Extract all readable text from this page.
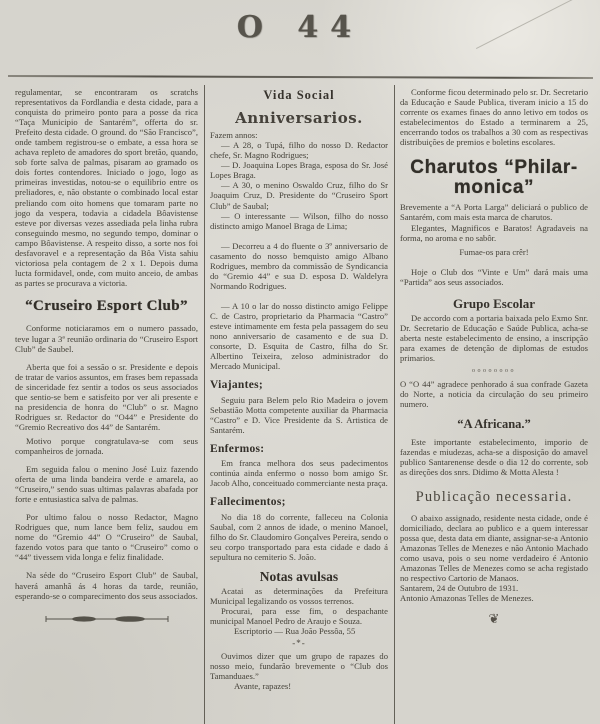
O 44

regulamentar, se encontraram os scratchs representativos da Fordlandia e desta cidade, para a conquista do primeiro ponto para a posse da rica “Taça Municipio de Santarém”, offerta do sr. Prefeito desta cidade. O ground. do “São Francisco”, onde tambem registrou-se o embate, a essa hora se achava repleto de amadores do sport bretão, quando, sob forte salva de palmas, pisaram ao gramado os dois fortes contendores. Iniciado o jogo, logo as primeiras investidas, notou-se o equilibrio entre os preliadores, e, não obstante o combinado local estar preliando com oito homens que tomaram parte no jogo da vespera, todavia a cidadela Bôavistense esteve por diversas vezes assediada pela linha rubra conseguindo mesmo, no segundo tempo, dominar o campo Bôavistense. A respeito disso, a sorte nos foi desfavoravel e a representação da Bôa Vista sahiu victoriosa pela contagem de 2 x 1. Depois duma lucta formidavel, onde, com muito anceio, de ambas as partes se procurava a victoria.

“Cruseiro Esport Club”

Conforme noticiaramos em o numero passado, teve lugar a 3ª reunião ordinaria do “Cruseiro Esport Club” de Saubel.

Aberta que foi a sessão o sr. Presidente e depois de tratar de varios assuntos, em frases bem repassada de sinceridade fez sentir a todos os seus associados que sentio-se bem e satisfeito por ver ali presente e na presidencia de honra do “Club” o sr. Magno Rodrigues sr. Redactor do “O44” e Presidente do “Gremio Recreativo dos 44” de Santarém.

Motivo porque congratulava-se com seus companheiros de jornada.

Em seguida falou o menino José Luiz fazendo oferta de uma linda bandeira verde e amarela, ao “Cruseiro,” sendo suas ultimas palavras abafada por forte e entusiastica salva de palmas.

Por ultimo falou o nosso Redactor, Magno Rodrigues que, num lance bem feliz, saudou em nome do “Gremio 44” O “Cruseiro” de Saubal, fazendo votos para que tanto o “Cruseiro” como o “44” tivessem vida longa e feliz finalidade.

Na séde do “Cruseiro Esport Club” de Saubal, haverá amanhã ás 4 horas da tarde, reunião, esperando-se o comparecimento dos seus associados.

Vida Social
Anniversarios.

Fazem annos:

— A 28, o Tupá, filho do nosso D. Redactor chefe, Sr. Magno Rodrigues;

— D. Joaquina Lopes Braga, esposa do Sr. José Lopes Braga.

— A 30, o menino Oswaldo Cruz, filho do Sr Joaquim Cruz, D. Presidente do “Cruseiro Sport Club” de Saubal;

— O interessante — Wilson, filho do nosso distincto amigo Manoel Braga de Lima;

— Decorreu a 4 do fluente o 3º anniversario de casamento do nosso bemquisto amigo Albano Rodrigues, membro da commissão de Syndicancia do “Gremio 44” e sua D. esposa D. Waldelyra Normando Rodrigues.

— A 10 o lar do nosso distincto amigo Felippe C. de Castro, proprietario da Pharmacia “Castro” esteve intimamente em festa pela passagem do seu nono anniversario de casamento e de sua D. consorte, D. Esquita de Castro, filha do Sr. Albertino Teixeira, zeloso administrador do Mercado Municipal.

Viajantes;

Seguiu para Belem pelo Rio Madeira o jovem Sebastião Motta competente auxiliar da Pharmacia “Castro” e D. Vice Presidente da S. Artistica de Santarém.

Enfermos:

Em franca melhora dos seus padecimentos continúa ainda enfermo o nosso bom amigo Sr. Jacob Alho, conceituado commerciante nesta praça.

Fallecimentos;

No dia 18 do corrente, falleceu na Colonia Saubal, com 2 annos de idade, o menino Manoel, filho do Sr. Claudomiro Gonçalves Pereira, sendo o seu corpo transportado para esta cidade e dado á sepultura no cemiterio S. João.

Notas avulsas

Acatai as determinações da Prefeitura Municipal legalizando os vossos terrenos.

Procurai, para esse fim, o despachante municipal Manoel Pedro de Araujo e Souza.

Escriptorio — Rua João Pessôa, 55

-*-

Ouvimos dizer que um grupo de rapazes do nosso meio, fundarão brevemente o “Club dos Tamanduaes.”

Avante, rapazes!

Conforme ficou determinado pelo sr. Dr. Secretario da Educação e Saude Publica, tiveram inicio a 15 do corrente os exames finaes do anno letivo em todos os estabelecimentos do Estado a terminarem a 25, encerrando todos os trabalhos a 30 com as respectivas distribuições de premios e boletins escolares.

Charutos “Philar-
monica”

Brevemente a “A Porta Larga” deliciará o publico de Santarém, com mais esta marca de charutos.

Elegantes, Magnificos e Baratos! Agradaveis na forma, no aroma e no sabôr.

Fumae-os para crêr!

Hoje o Club dos “Vinte e Um” dará mais uma “Partida” aos seus associados.

Grupo Escolar

De accordo com a portaria baixada pelo Exmo Snr. Dr. Secretario de Educação e Saúde Publica, acha-se aberta neste estabelecimento de ensino, a inscripção para exames de detenção de diplomas de estudos primarios.

oooooooo

O “O 44” agradece penhorado á sua confrade Gazeta do Norte, a noticia da circulação do seu primeiro numero.

“A Africana.”

Este importante estabelecimento, imporio de fazendas e miudezas, acha-se a disposição do amavel publico Santarenense desde o dia 12 do corrente, sob as direções dos snrs. Didimo & Motta Alesta !

Publicação necessaria.

O abaixo assignado, residente nesta cidade, onde é domiciliado, declara ao publico e a quem interessar possa que, desta data em diante, assignar-se-a Antonio Amazonas Telles de Menezes e não Antonio Machado como usava, pois o seu nome verdadeiro é Antonio Amazonas Telles de Menezes como se acha registado no respectivo Cartorio de Manaos.

Santarem, 24 de Outubro de 1931.

Antonio Amazonas Telles de Menezes.

❦
